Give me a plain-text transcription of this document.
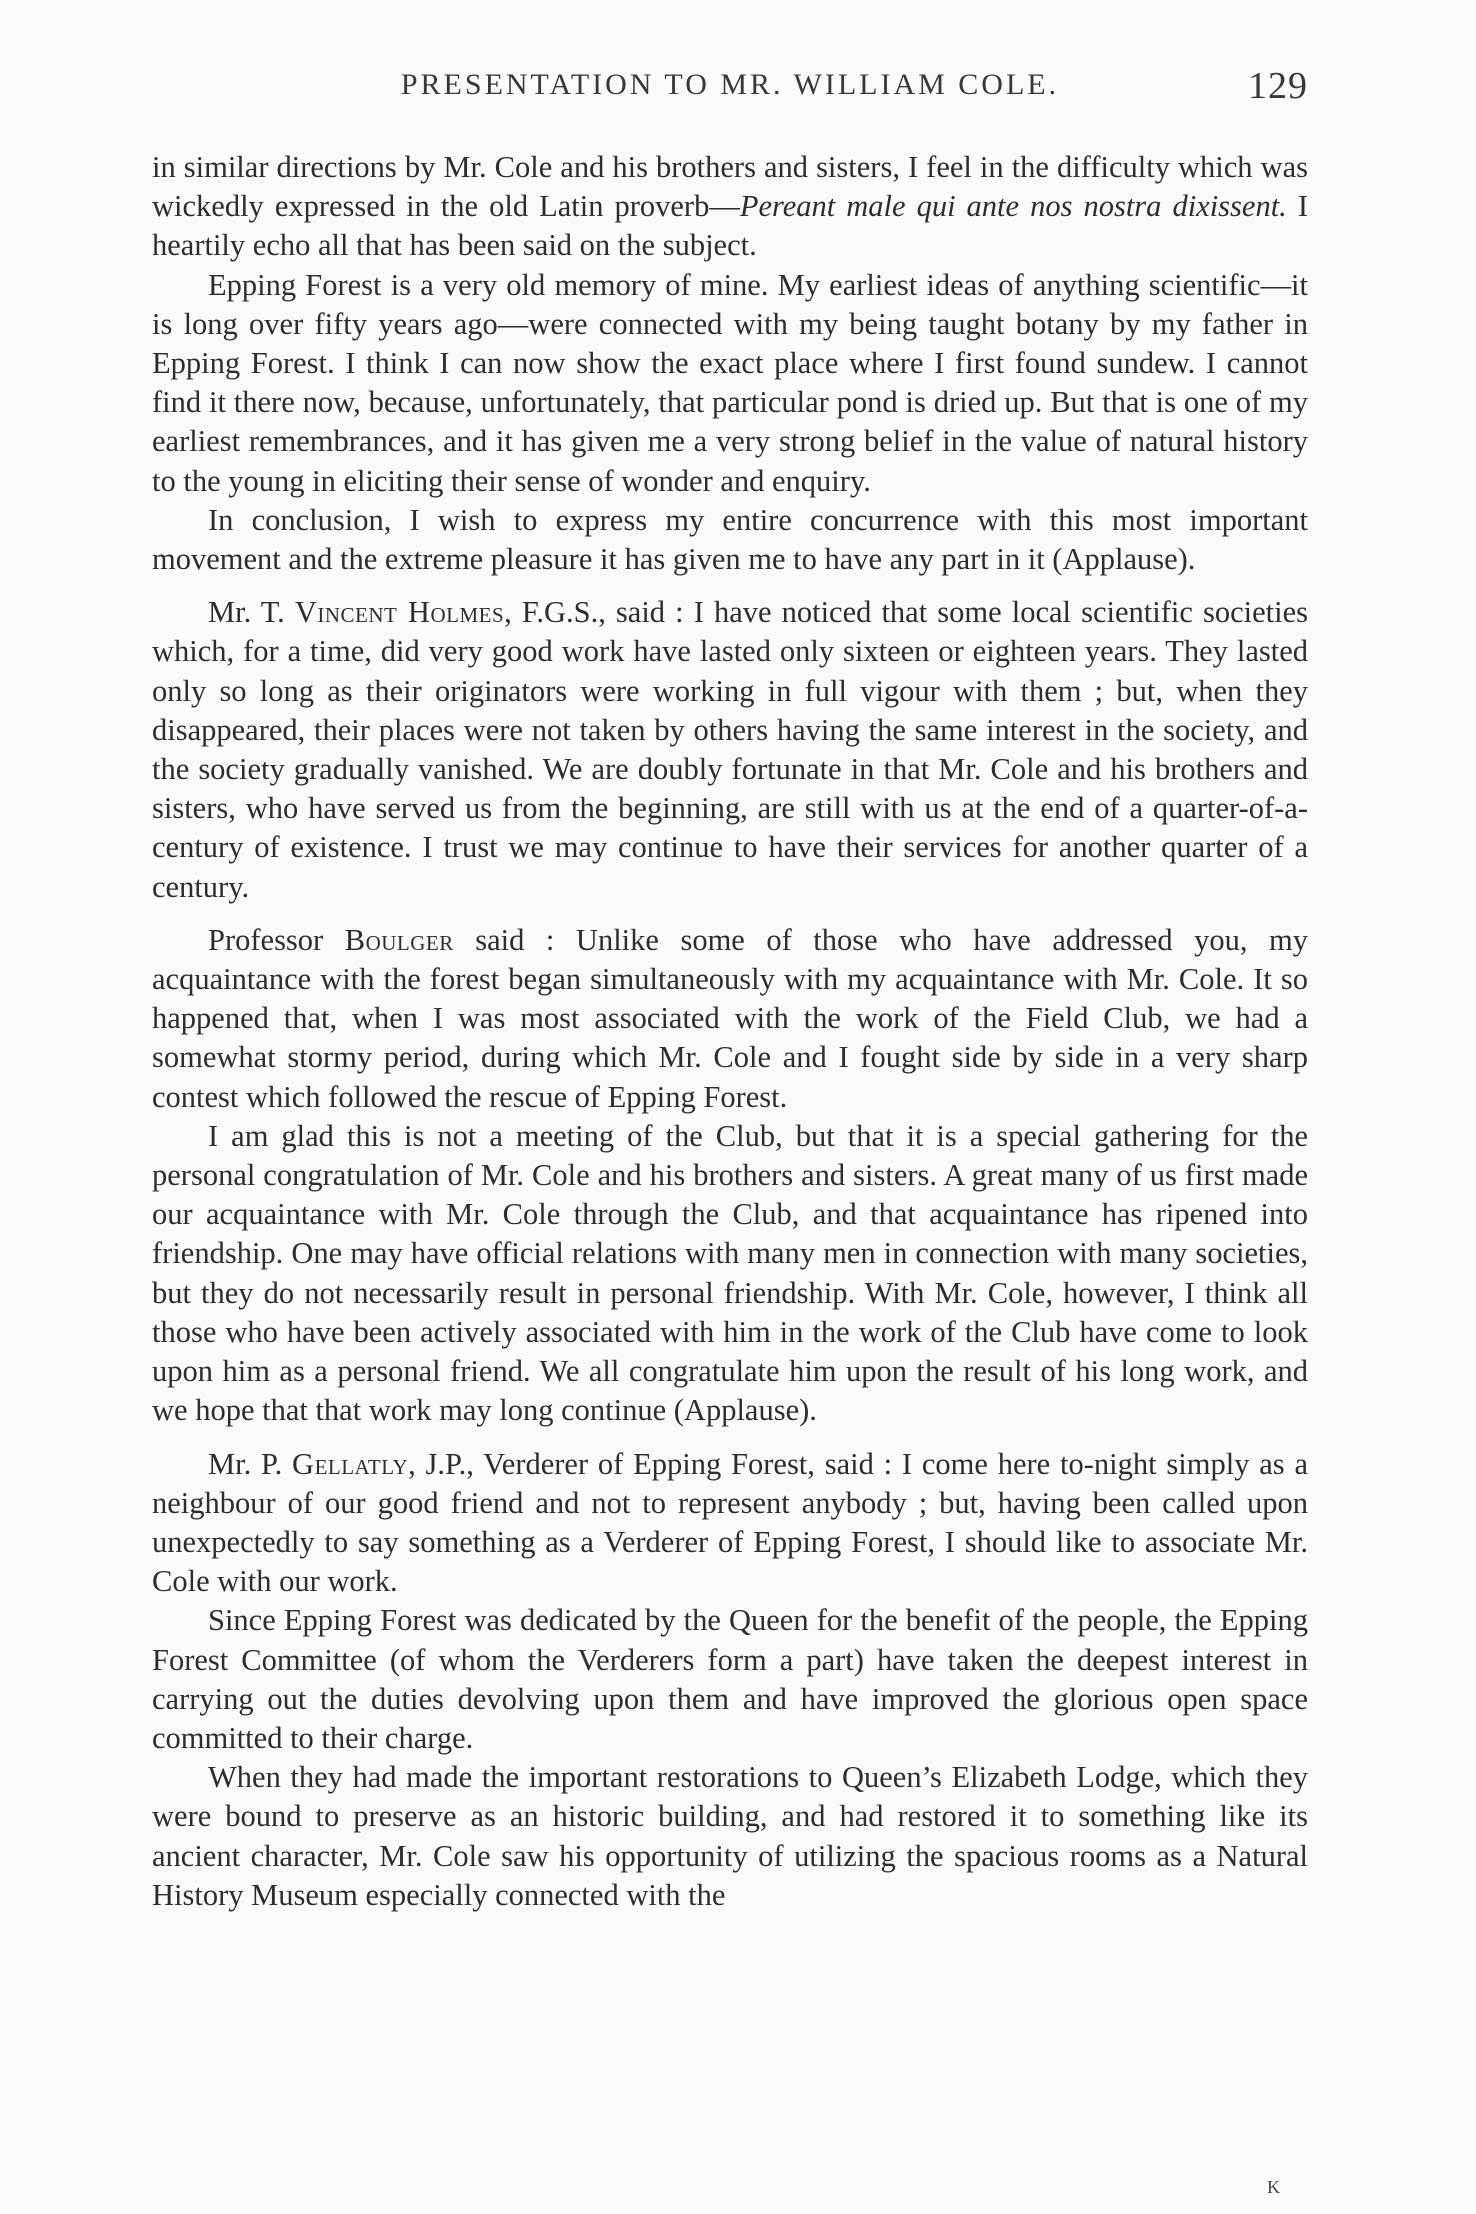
PRESENTATION TO MR. WILLIAM COLE.	129

in similar directions by Mr. Cole and his brothers and sisters, I feel in the difficulty which was wickedly expressed in the old Latin proverb—Pereant male qui ante nos nostra dixissent. I heartily echo all that has been said on the subject.

Epping Forest is a very old memory of mine. My earliest ideas of anything scientific—it is long over fifty years ago—were connected with my being taught botany by my father in Epping Forest. I think I can now show the exact place where I first found sundew. I cannot find it there now, because, unfortunately, that particular pond is dried up. But that is one of my earliest remembrances, and it has given me a very strong belief in the value of natural history to the young in eliciting their sense of wonder and enquiry.

In conclusion, I wish to express my entire concurrence with this most important movement and the extreme pleasure it has given me to have any part in it (Applause).

Mr. T. Vincent Holmes, F.G.S., said : I have noticed that some local scientific societies which, for a time, did very good work have lasted only sixteen or eighteen years. They lasted only so long as their originators were working in full vigour with them ; but, when they disappeared, their places were not taken by others having the same interest in the society, and the society gradually vanished. We are doubly fortunate in that Mr. Cole and his brothers and sisters, who have served us from the beginning, are still with us at the end of a quarter-of-a-century of existence. I trust we may continue to have their services for another quarter of a century.

Professor Boulger said : Unlike some of those who have addressed you, my acquaintance with the forest began simultaneously with my acquaintance with Mr. Cole. It so happened that, when I was most associated with the work of the Field Club, we had a somewhat stormy period, during which Mr. Cole and I fought side by side in a very sharp contest which followed the rescue of Epping Forest.

I am glad this is not a meeting of the Club, but that it is a special gathering for the personal congratulation of Mr. Cole and his brothers and sisters. A great many of us first made our acquaintance with Mr. Cole through the Club, and that acquaintance has ripened into friendship. One may have official relations with many men in connection with many societies, but they do not necessarily result in personal friendship. With Mr. Cole, however, I think all those who have been actively associated with him in the work of the Club have come to look upon him as a personal friend. We all congratulate him upon the result of his long work, and we hope that that work may long continue (Applause).

Mr. P. Gellatly, J.P., Verderer of Epping Forest, said : I come here to-night simply as a neighbour of our good friend and not to represent anybody ; but, having been called upon unexpectedly to say something as a Verderer of Epping Forest, I should like to associate Mr. Cole with our work.

Since Epping Forest was dedicated by the Queen for the benefit of the people, the Epping Forest Committee (of whom the Verderers form a part) have taken the deepest interest in carrying out the duties devolving upon them and have improved the glorious open space committed to their charge.

When they had made the important restorations to Queen’s Elizabeth Lodge, which they were bound to preserve as an historic building, and had restored it to something like its ancient character, Mr. Cole saw his opportunity of utilizing the spacious rooms as a Natural History Museum especially connected with the

K
